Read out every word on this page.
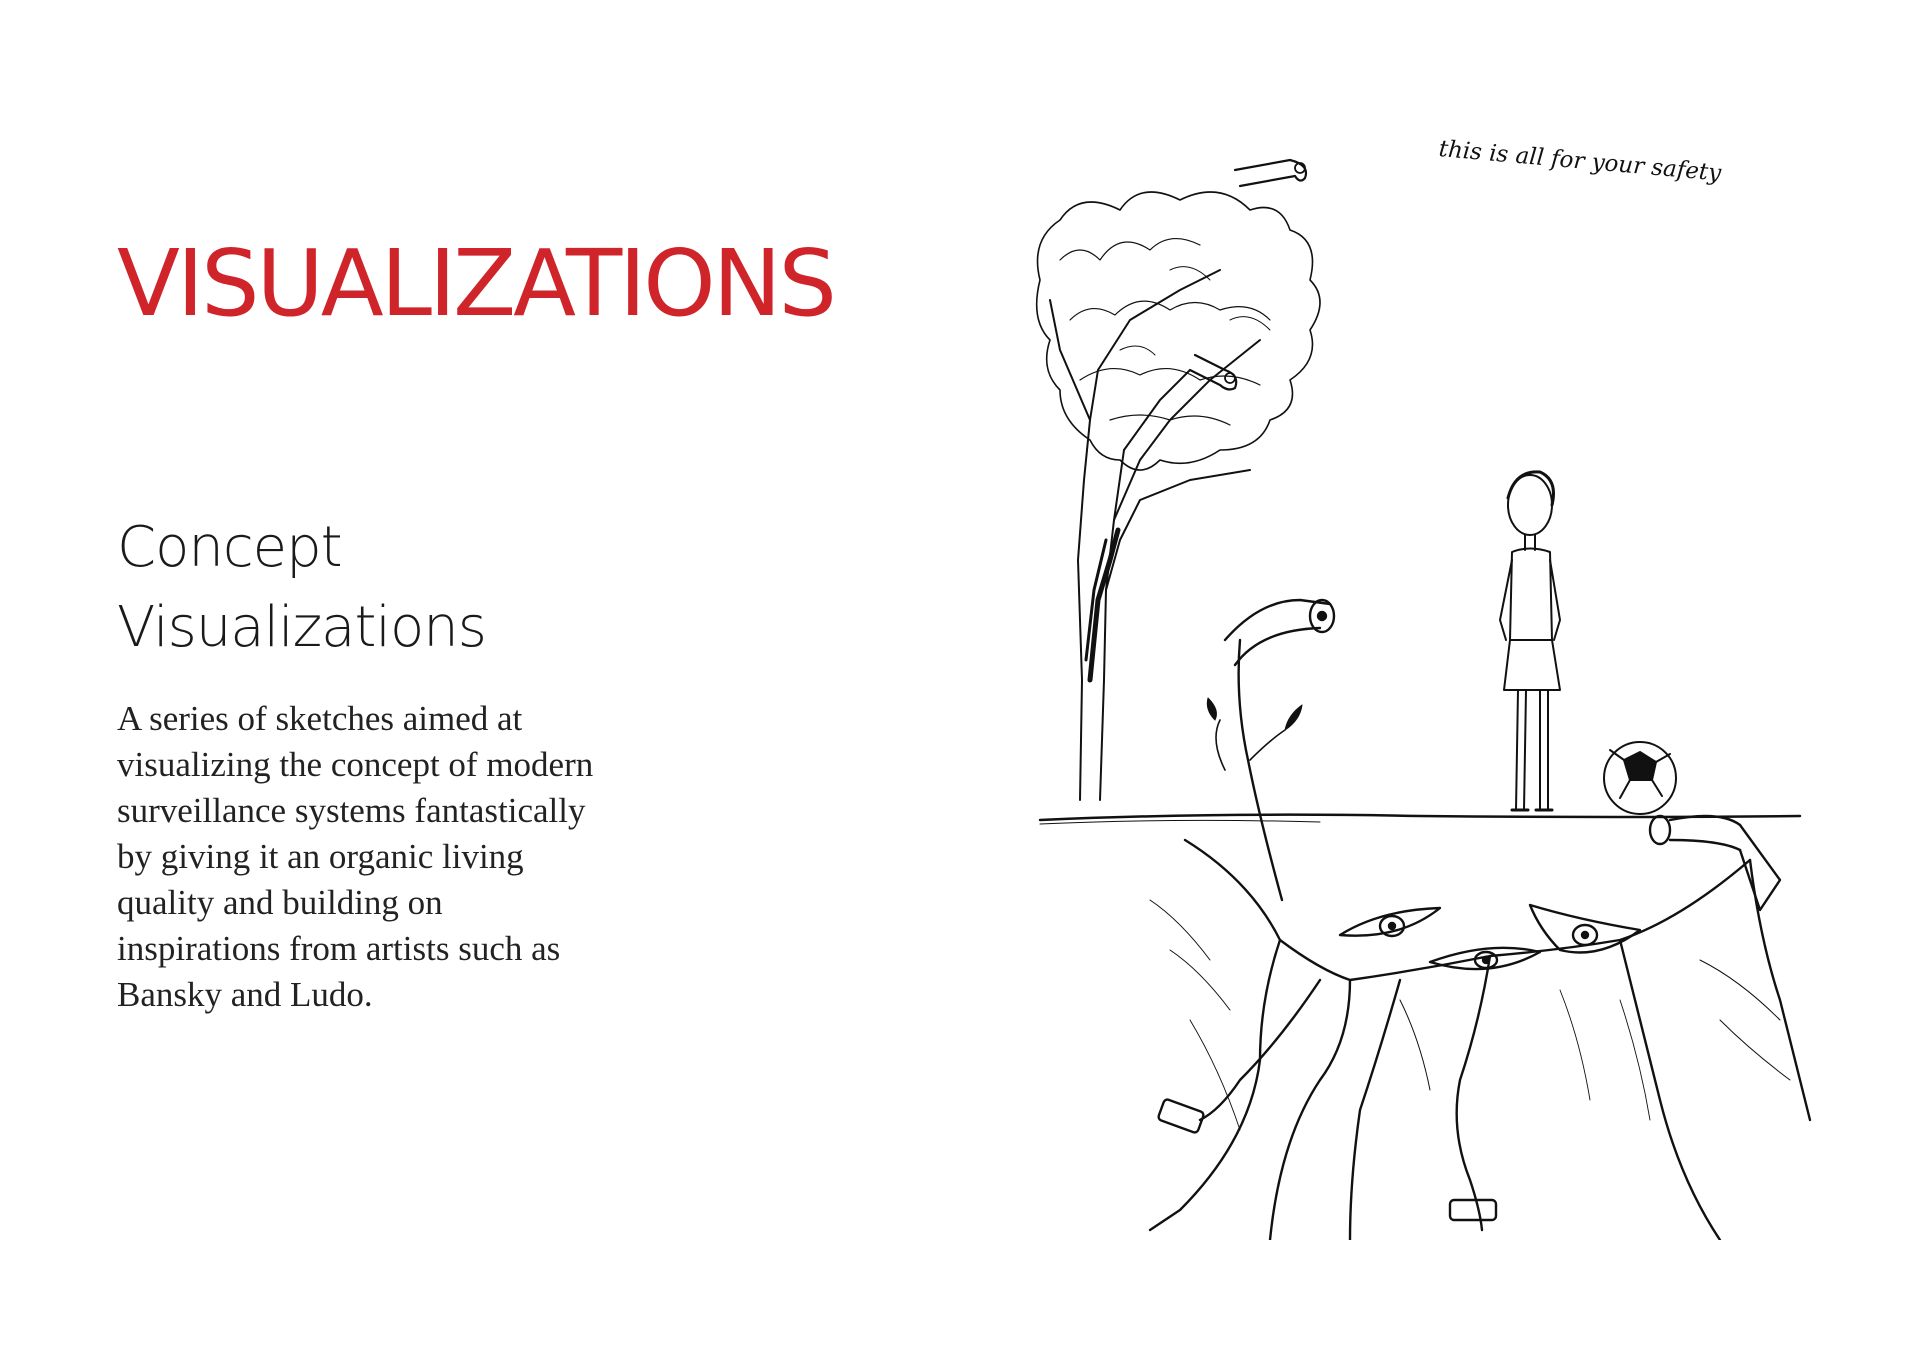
VISUALIZATIONS
Concept
Visualizations

A series of sketches aimed at
visualizing the concept of modern
surveillance systems fantastically
by giving it an organic living
quality and building on
inspirations from artists such as
Bansky and Ludo.

this is all for your safety
